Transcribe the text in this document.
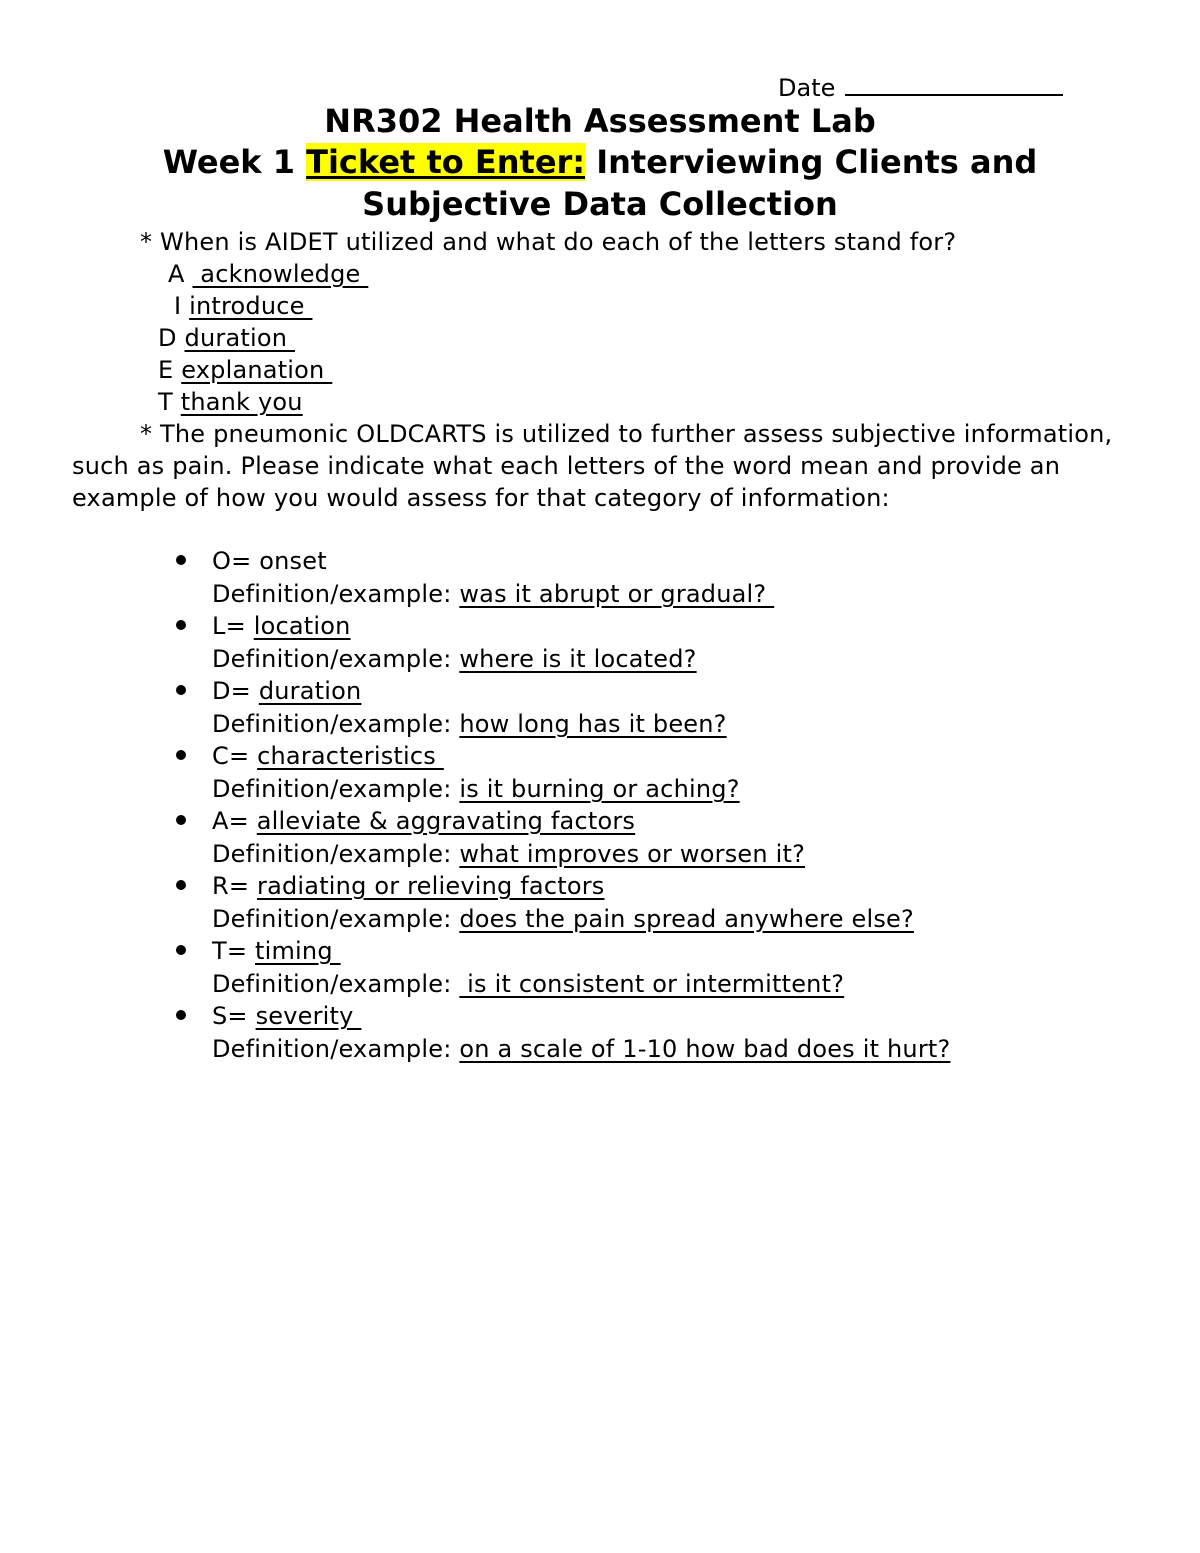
Date
NR302 Health Assessment Lab
Week 1 Ticket to Enter: Interviewing Clients and
Subjective Data Collection
* When is AIDET utilized and what do each of the letters stand for?
A  acknowledge
I introduce
D duration
E explanation
T thank you
* The pneumonic OLDCARTS is utilized to further assess subjective information, such as pain. Please indicate what each letters of the word mean and provide an example of how you would assess for that category of information:
O= onset
Definition/example: was it abrupt or gradual?
L= location
Definition/example: where is it located?
D= duration
Definition/example: how long has it been?
C= characteristics
Definition/example: is it burning or aching?
A= alleviate & aggravating factors
Definition/example: what improves or worsen it?
R= radiating or relieving factors
Definition/example: does the pain spread anywhere else?
T= timing
Definition/example:  is it consistent or intermittent?
S= severity
Definition/example: on a scale of 1-10 how bad does it hurt?
